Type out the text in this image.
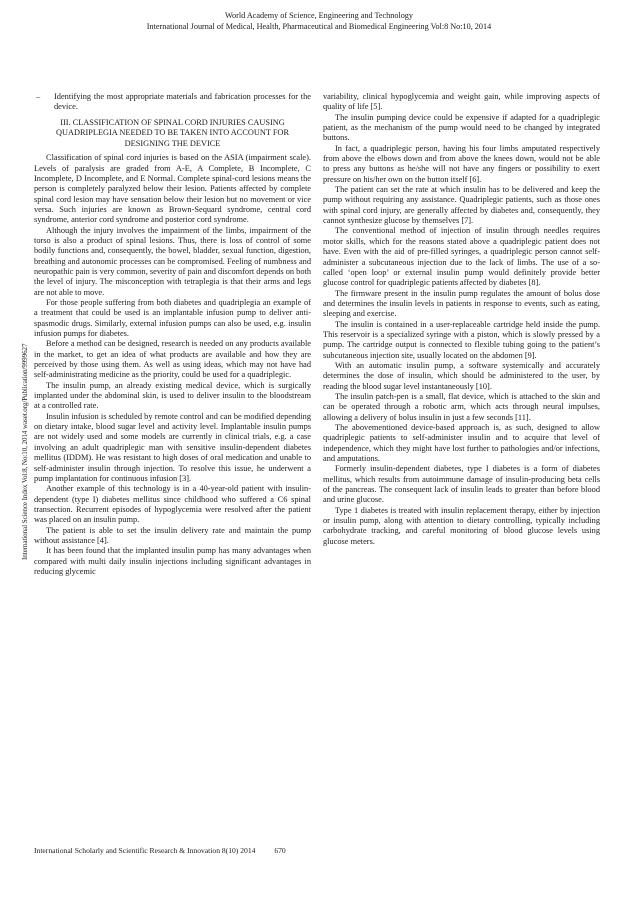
World Academy of Science, Engineering and Technology
International Journal of Medical, Health, Pharmaceutical and Biomedical Engineering Vol:8 No:10, 2014
International Science Index Vol:8, No:10, 2014 waset.org/Publication/9999627
–	Identifying the most appropriate materials and fabrication processes for the device.
III. CLASSIFICATION OF SPINAL CORD INJURIES CAUSING
QUADRIPLEGIA NEEDED TO BE TAKEN INTO ACCOUNT FOR
DESIGNING THE DEVICE

Classification of spinal cord injuries is based on the ASIA (impairment scale). Levels of paralysis are graded from A-E, A Complete, B Incomplete, C Incomplete, D Incomplete, and E Normal. Complete spinal-cord lesions means the person is completely paralyzed below their lesion. Patients affected by complete spinal cord lesion may have sensation below their lesion but no movement or vice versa. Such injuries are known as Brown-Sequard syndrome, central cord syndrome, anterior cord syndrome and posterior cord syndrome.

Although the injury involves the impairment of the limbs, impairment of the torso is also a product of spinal lesions. Thus, there is loss of control of some bodily functions and, consequently, the bowel, bladder, sexual function, digestion, breathing and autonomic processes can be compromised. Feeling of numbness and neuropathic pain is very common, severity of pain and discomfort depends on both the level of injury. The misconception with tetraplegia is that their arms and legs are not able to move.

For those people suffering from both diabetes and quadriplegia an example of a treatment that could be used is an implantable infusion pump to deliver anti-spasmodic drugs. Similarly, external infusion pumps can also be used, e.g. insulin infusion pumps for diabetes.

Before a method can be designed, research is needed on any products available in the market, to get an idea of what products are available and how they are perceived by those using them. As well as using ideas, which may not have had self-administrating medicine as the priority, could be used for a quadriplegic.

The insulin pump, an already existing medical device, which is surgically implanted under the abdominal skin, is used to deliver insulin to the bloodstream at a controlled rate.

Insulin infusion is scheduled by remote control and can be modified depending on dietary intake, blood sugar level and activity level. Implantable insulin pumps are not widely used and some models are currently in clinical trials, e.g. a case involving an adult quadriplegic man with sensitive insulin-dependent diabetes mellitus (IDDM). He was resistant to high doses of oral medication and unable to self-administer insulin through injection. To resolve this issue, he underwent a pump implantation for continuous infusion [3].

Another example of this technology is in a 40-year-old patient with insulin-dependent (type I) diabetes mellitus since childhood who suffered a C6 spinal transection. Recurrent episodes of hypoglycemia were resolved after the patient was placed on an insulin pump.

The patient is able to set the insulin delivery rate and maintain the pump without assistance [4].

It has been found that the implanted insulin pump has many advantages when compared with multi daily insulin injections including significant advantages in reducing glycemic

variability, clinical hypoglycemia and weight gain, while improving aspects of quality of life [5].

The insulin pumping device could be expensive if adapted for a quadriplegic patient, as the mechanism of the pump would need to be changed by integrated buttons.

In fact, a quadriplegic person, having his four limbs amputated respectively from above the elbows down and from above the knees down, would not be able to press any buttons as he/she will not have any fingers or possibility to exert pressure on his/her own on the button itself [6].

The patient can set the rate at which insulin has to be delivered and keep the pump without requiring any assistance. Quadriplegic patients, such as those ones with spinal cord injury, are generally affected by diabetes and, consequently, they cannot synthesize glucose by themselves [7].

The conventional method of injection of insulin through needles requires motor skills, which for the reasons stated above a quadriplegic patient does not have. Even with the aid of pre-filled syringes, a quadriplegic person cannot self-administer a subcutaneous injection due to the lack of limbs. The use of a so-called ‘open loop’ or external insulin pump would definitely provide better glucose control for quadriplegic patients affected by diabetes [8].

The firmware present in the insulin pump regulates the amount of bolus dose and determines the insulin levels in patients in response to events, such as eating, sleeping and exercise.

The insulin is contained in a user-replaceable cartridge held inside the pump. This reservoir is a specialized syringe with a piston, which is slowly pressed by a pump. The cartridge output is connected to flexible tubing going to the patient’s subcutaneous injection site, usually located on the abdomen [9].

With an automatic insulin pump, a software systemically and accurately determines the dose of insulin, which should be administered to the user, by reading the blood sugar level instantaneously [10].

The insulin patch-pen is a small, flat device, which is attached to the skin and can be operated through a robotic arm, which acts through neural impulses, allowing a delivery of bolus insulin in just a few seconds [11].

The abovementioned device-based approach is, as such, designed to allow quadriplegic patients to self-administer insulin and to acquire that level of independence, which they might have lost further to pathologies and/or infections, and amputations.

Formerly insulin-dependent diabetes, type I diabetes is a form of diabetes mellitus, which results from autoimmune damage of insulin-producing beta cells of the pancreas. The consequent lack of insulin leads to greater than before blood and urine glucose.

Type 1 diabetes is treated with insulin replacement therapy, either by injection or insulin pump, along with attention to dietary controlling, typically including carbohydrate tracking, and careful monitoring of blood glucose levels using glucose meters.

International Scholarly and Scientific Research & Innovation 8(10) 2014 670
